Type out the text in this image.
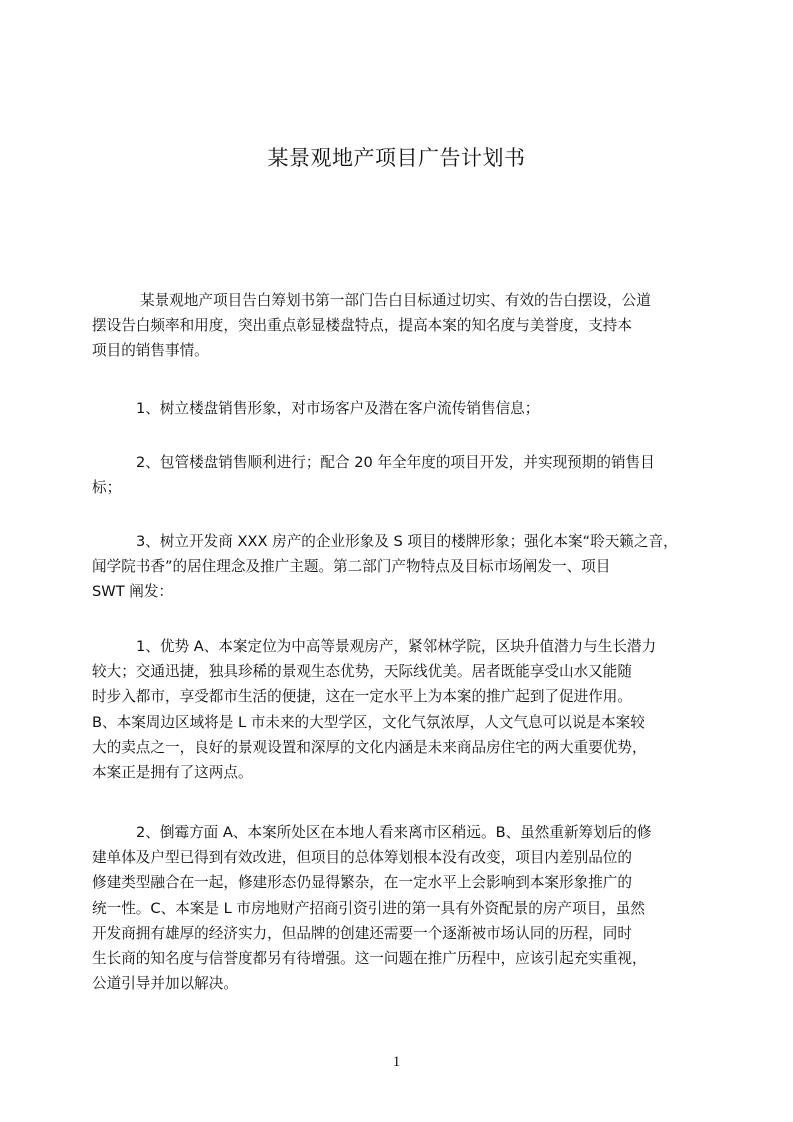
某景观地产项目广告计划书
某景观地产项目告白筹划书第一部门告白目标通过切实、有效的告白摆设，公道
摆设告白频率和用度，突出重点彰显楼盘特点，提高本案的知名度与美誉度，支持本
项目的销售事情。
1、树立楼盘销售形象，对市场客户及潜在客户流传销售信息；
2、包管楼盘销售顺利进行；配合 20 年全年度的项目开发，并实现预期的销售目
标；
3、树立开发商 XXX 房产的企业形象及 S 项目的楼牌形象；强化本案“聆天籁之音，
闻学院书香”的居住理念及推广主题。第二部门产物特点及目标市场阐发一、项目
SWT 阐发：
1、优势 A、本案定位为中高等景观房产，紧邻林学院，区块升值潜力与生长潜力
较大；交通迅捷，独具珍稀的景观生态优势，天际线优美。居者既能享受山水又能随
时步入都市，享受都市生活的便捷，这在一定水平上为本案的推广起到了促进作用。
B、本案周边区域将是 L 市未来的大型学区，文化气氛浓厚，人文气息可以说是本案较
大的卖点之一，良好的景观设置和深厚的文化内涵是未来商品房住宅的两大重要优势，
本案正是拥有了这两点。
2、倒霉方面 A、本案所处区在本地人看来离市区稍远。B、虽然重新筹划后的修
建单体及户型已得到有效改进，但项目的总体筹划根本没有改变，项目内差别品位的
修建类型融合在一起，修建形态仍显得繁杂，在一定水平上会影响到本案形象推广的
统一性。C、本案是 L 市房地财产招商引资引进的第一具有外资配景的房产项目，虽然
开发商拥有雄厚的经济实力，但品牌的创建还需要一个逐渐被市场认同的历程，同时
生长商的知名度与信誉度都另有待增强。这一问题在推广历程中，应该引起充实重视，
公道引导并加以解决。
1
